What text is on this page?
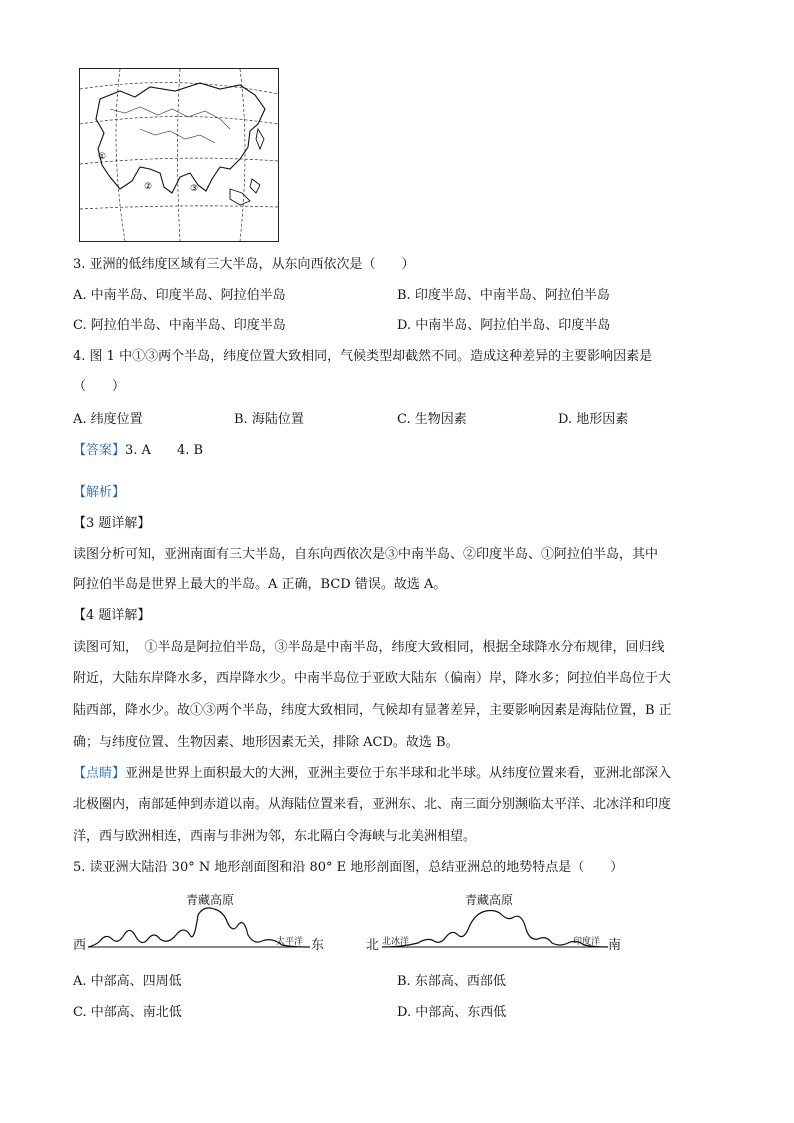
①
②	③
3. 亚洲的低纬度区域有三大半岛，从东向西依次是（　　）
A. 中南半岛、印度半岛、阿拉伯半岛	B. 印度半岛、中南半岛、阿拉伯半岛
C. 阿拉伯半岛、中南半岛、印度半岛	D. 中南半岛、阿拉伯半岛、印度半岛
4. 图 1 中①③两个半岛，纬度位置大致相同，气候类型却截然不同。造成这种差异的主要影响因素是
（　　）
A. 纬度位置	B. 海陆位置	C. 生物因素	D. 地形因素
【答案】3. A　　4. B
【解析】
【3 题详解】
读图分析可知，亚洲南面有三大半岛，自东向西依次是③中南半岛、②印度半岛、①阿拉伯半岛，其中
阿拉伯半岛是世界上最大的半岛。A 正确，BCD 错误。故选 A。
【4 题详解】
读图可知，　①半岛是阿拉伯半岛，③半岛是中南半岛，纬度大致相同，根据全球降水分布规律，回归线
附近，大陆东岸降水多，西岸降水少。中南半岛位于亚欧大陆东（偏南）岸，降水多；阿拉伯半岛位于大
陆西部，降水少。故①③两个半岛，纬度大致相同，气候却有显著差异，主要影响因素是海陆位置，B 正
确；与纬度位置、生物因素、地形因素无关，排除 ACD。故选 B。
【点睛】亚洲是世界上面积最大的大洲，亚洲主要位于东半球和北半球。从纬度位置来看，亚洲北部深入
北极圈内，南部延伸到赤道以南。从海陆位置来看，亚洲东、北、南三面分别濒临太平洋、北冰洋和印度
洋，西与欧洲相连，西南与非洲为邻，东北隔白令海峡与北美洲相望。
5. 读亚洲大陆沿 30° N 地形剖面图和沿 80° E 地形剖面图，总结亚洲总的地势特点是（　　）
青藏高原
西	东
太平洋
青藏高原
北	南
北冰洋	印度洋
A. 中部高、四周低	B. 东部高、西部低
C. 中部高、南北低	D. 中部高、东西低
